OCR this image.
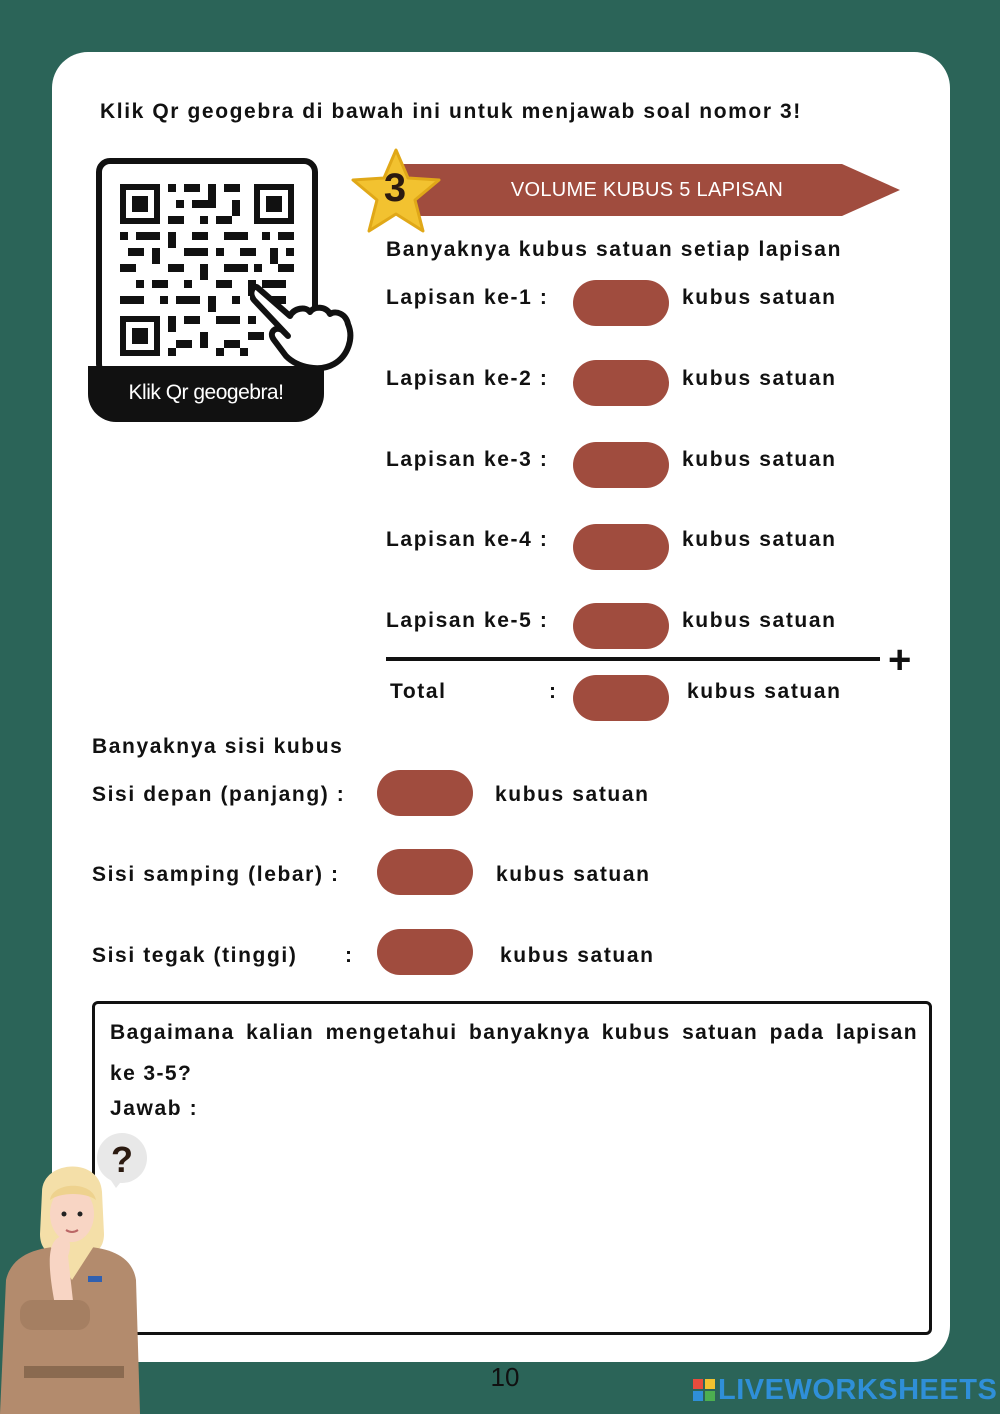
Klik Qr geogebra di bawah ini untuk menjawab soal nomor 3!
Klik Qr geogebra!
VOLUME KUBUS 5 LAPISAN
3
Banyaknya kubus satuan setiap lapisan
Lapisan ke-1 :	kubus satuan
Lapisan ke-2 :	kubus satuan
Lapisan ke-3 :	kubus satuan
Lapisan ke-4 :	kubus satuan
Lapisan ke-5 :	kubus satuan
+
Total	:	kubus satuan
Banyaknya sisi kubus
Sisi depan (panjang) :	kubus satuan
Sisi samping (lebar) :	kubus satuan
Sisi tegak (tinggi) :	kubus satuan
Bagaimana kalian mengetahui banyaknya kubus satuan pada lapisan ke 3-5?
Jawab :
?
10	LIVEWORKSHEETS
